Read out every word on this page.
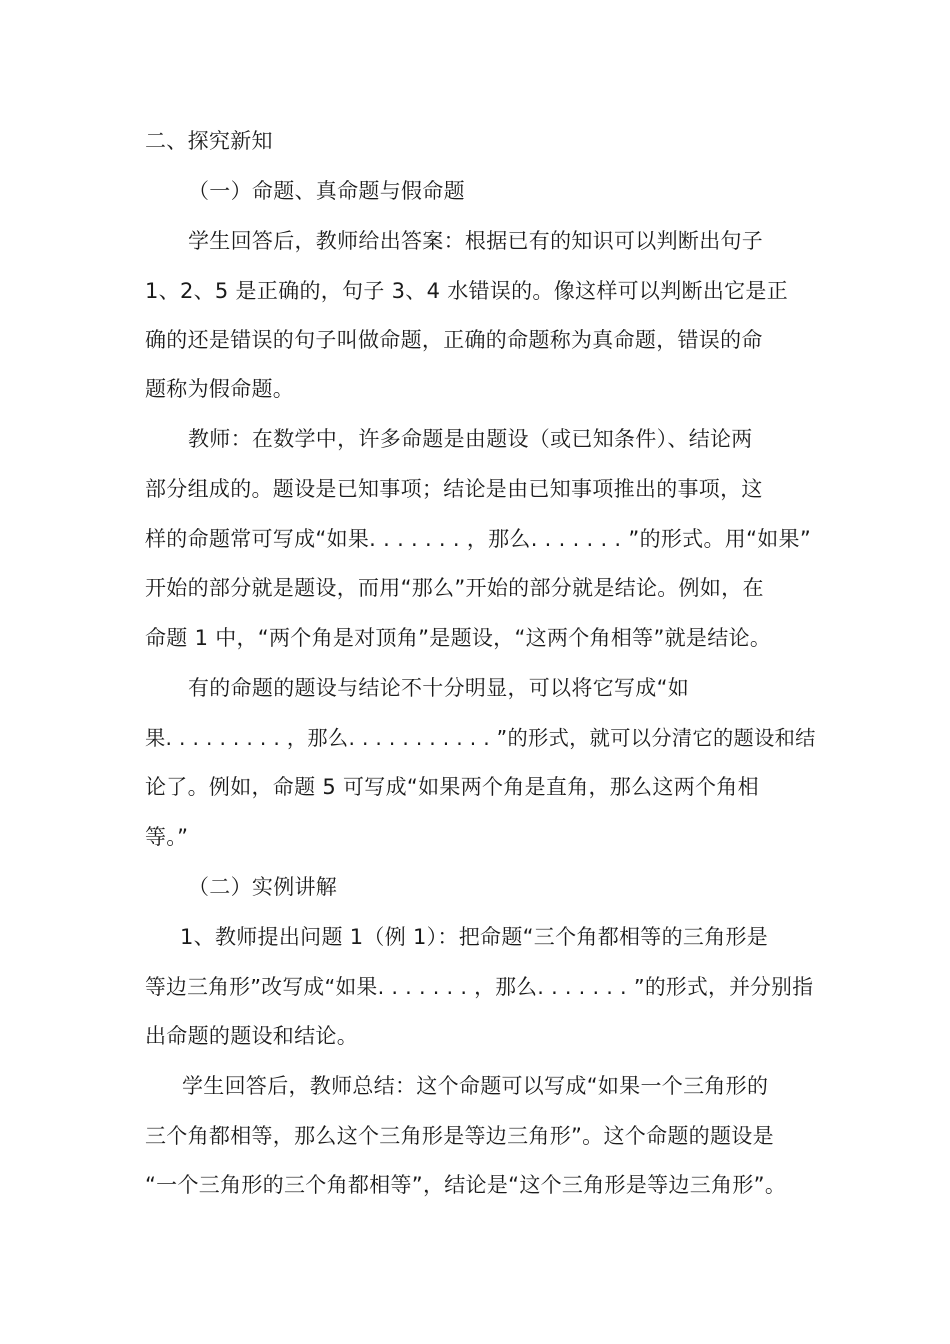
二、探究新知
（一）命题、真命题与假命题
学生回答后，教师给出答案：根据已有的知识可以判断出句子
1、2、5 是正确的，句子 3、4 水错误的。像这样可以判断出它是正
确的还是错误的句子叫做命题，正确的命题称为真命题，错误的命
题称为假命题。
教师：在数学中，许多命题是由题设（或已知条件）、结论两
部分组成的。题设是已知事项；结论是由已知事项推出的事项，这
样的命题常可写成“如果. . . . . . . ，那么. . . . . . . ”的形式。用“如果”
开始的部分就是题设，而用“那么”开始的部分就是结论。例如，在
命题 1 中，“两个角是对顶角”是题设，“这两个角相等”就是结论。
有的命题的题设与结论不十分明显，可以将它写成“如
果. . . . . . . . . ，那么. . . . . . . . . . . ”的形式，就可以分清它的题设和结
论了。例如，命题 5 可写成“如果两个角是直角，那么这两个角相
等。”
（二）实例讲解
1、教师提出问题 1（例 1）：把命题“三个角都相等的三角形是
等边三角形”改写成“如果. . . . . . . ，那么. . . . . . . ”的形式，并分别指
出命题的题设和结论。
学生回答后，教师总结：这个命题可以写成“如果一个三角形的
三个角都相等，那么这个三角形是等边三角形”。这个命题的题设是
“一个三角形的三个角都相等”，结论是“这个三角形是等边三角形”。
